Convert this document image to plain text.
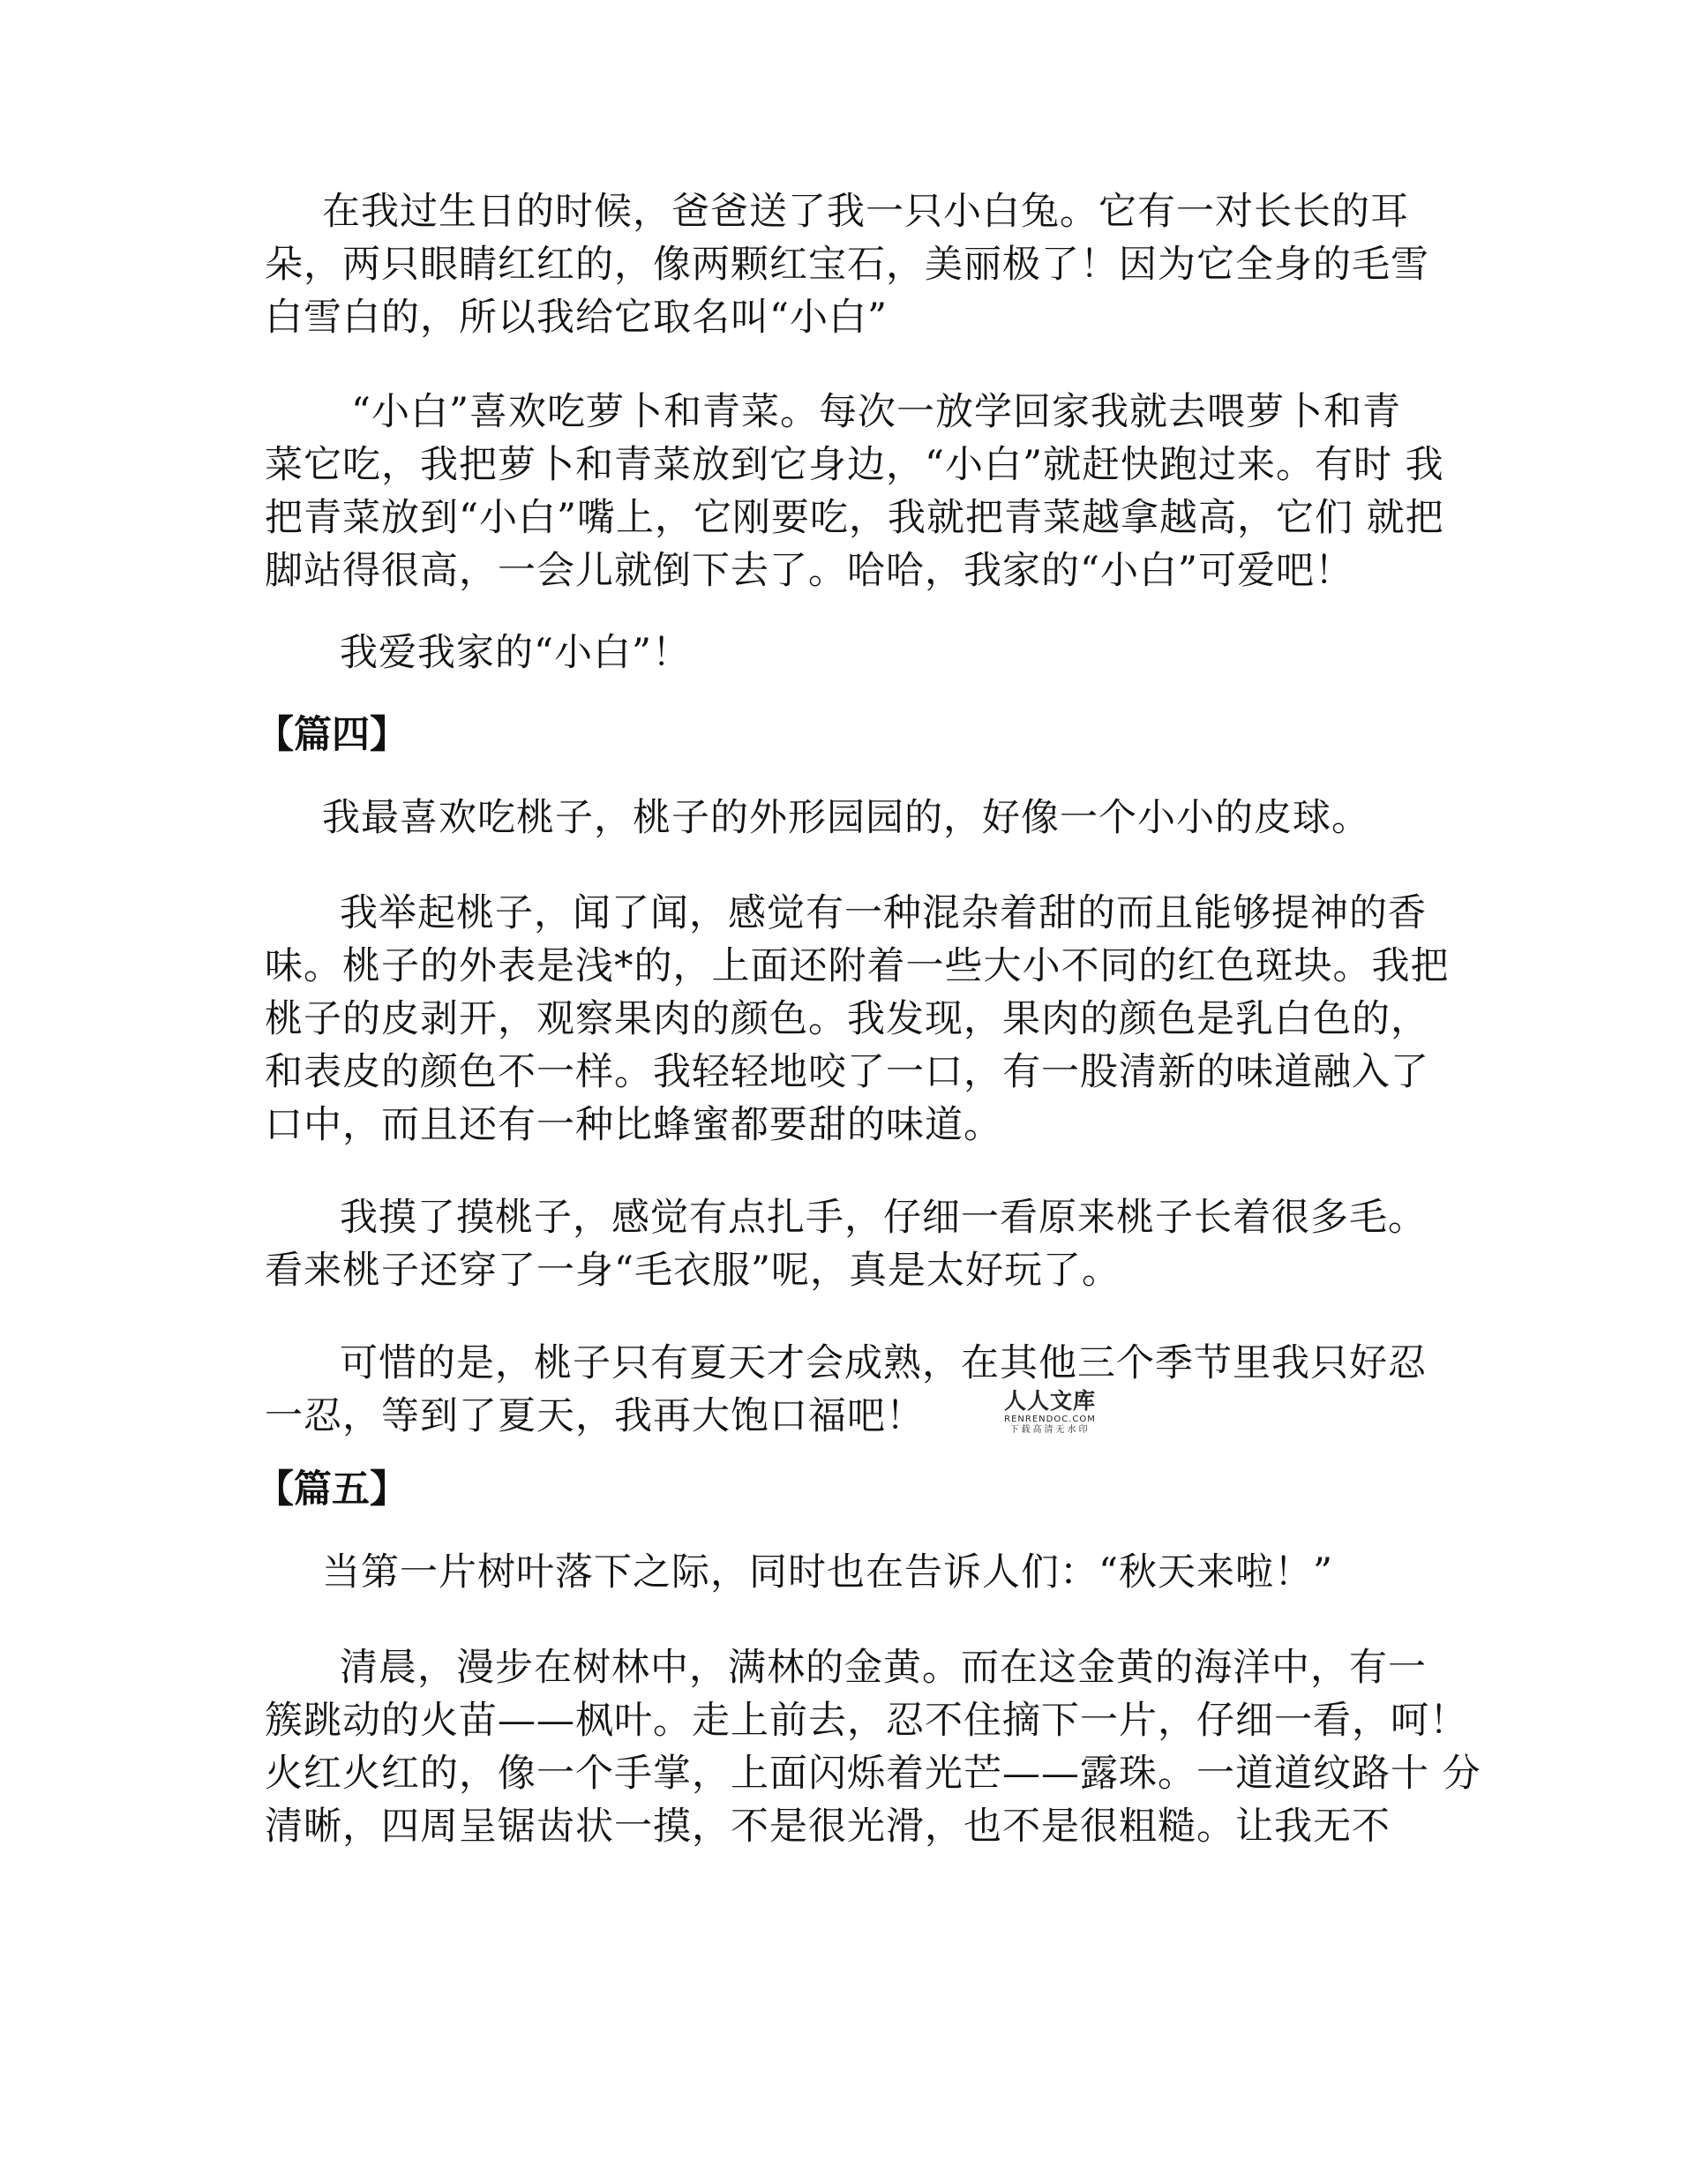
在我过生日的时候，爸爸送了我一只小白兔。它有一对长长的耳
朵，两只眼睛红红的，像两颗红宝石，美丽极了！因为它全身的毛雪
白雪白的，所以我给它取名叫“小白”
“小白”喜欢吃萝卜和青菜。每次一放学回家我就去喂萝卜和青
菜它吃，我把萝卜和青菜放到它身边，“小白”就赶快跑过来。有时 我
把青菜放到“小白”嘴上，它刚要吃，我就把青菜越拿越高，它们 就把
脚站得很高，一会儿就倒下去了。哈哈，我家的“小白”可爱吧！
我爱我家的“小白”！
【篇四】
我最喜欢吃桃子，桃子的外形园园的，好像一个小小的皮球。
我举起桃子，闻了闻，感觉有一种混杂着甜的而且能够提神的香
味。桃子的外表是浅*的，上面还附着一些大小不同的红色斑块。我把
桃子的皮剥开，观察果肉的颜色。我发现，果肉的颜色是乳白色的，
和表皮的颜色不一样。我轻轻地咬了一口，有一股清新的味道融入了
口中，而且还有一种比蜂蜜都要甜的味道。
我摸了摸桃子，感觉有点扎手，仔细一看原来桃子长着很多毛。
看来桃子还穿了一身“毛衣服”呢，真是太好玩了。
可惜的是，桃子只有夏天才会成熟，在其他三个季节里我只好忍
一忍，等到了夏天，我再大饱口福吧！	人人文库
RENRENDOC.COM
下载高清无水印
【篇五】
当第一片树叶落下之际，同时也在告诉人们：“秋天来啦！”
清晨，漫步在树林中，满林的金黄。而在这金黄的海洋中，有一
簇跳动的火苗——枫叶。走上前去，忍不住摘下一片，仔细一看，呵！
火红火红的，像一个手掌，上面闪烁着光芒——露珠。一道道纹路十 分
清晰，四周呈锯齿状一摸，不是很光滑，也不是很粗糙。让我无不
